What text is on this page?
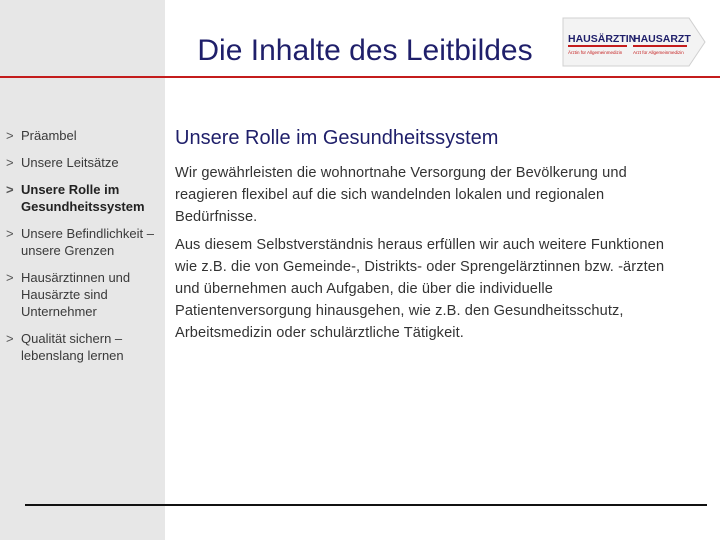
Die Inhalte des Leitbildes	HAUSÄRZTIN
Ärztin für Allgemeinmedizin
HAUSARZT
Arzt für Allgemeinmedizin
> Präambel
> Unsere Leitsätze
> Unsere Rolle im Gesundheitssystem
> Unsere Befindlichkeit – unsere Grenzen
> Hausärztinnen und Hausärzte sind Unternehmer
> Qualität sichern – lebenslang lernen
Unsere Rolle im Gesundheitssystem

Wir gewährleisten die wohnortnahe Versorgung der Bevölkerung und reagieren flexibel auf die sich wandelnden lokalen und regionalen Bedürfnisse.

Aus diesem Selbstverständnis heraus erfüllen wir auch weitere Funktionen wie z.B. die von Gemeinde-, Distrikts- oder Sprengelärztinnen bzw. -ärzten und übernehmen auch Aufgaben, die über die individuelle Patientenversorgung hinausgehen, wie z.B. den Gesundheitsschutz, Arbeitsmedizin oder schulärztliche Tätigkeit.
